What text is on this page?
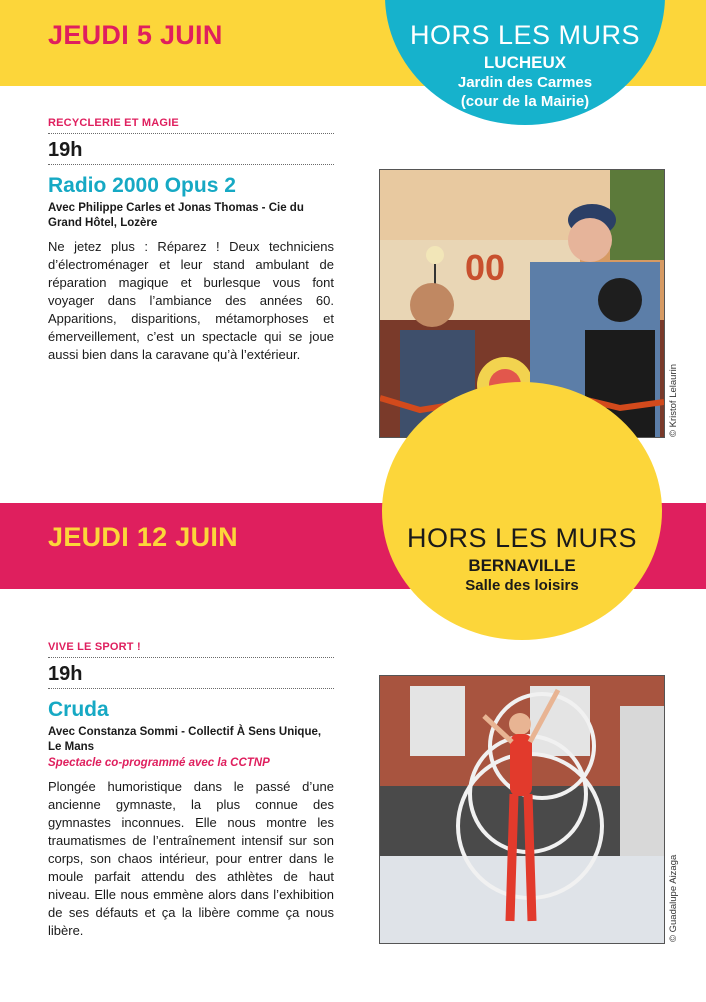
JEUDI 5 JUIN	HORS LES MURS
LUCHEUX
Jardin des Carmes
(cour de la Mairie)
RECYCLERIE ET MAGIE
19h
Radio 2000 Opus 2
Avec Philippe Carles et Jonas Thomas - Cie du Grand Hôtel, Lozère
Ne jetez plus : Réparez ! Deux techniciens d’électroménager et leur stand ambulant de réparation magique et burlesque vous font voyager dans l’ambiance des années 60. Apparitions, disparitions, métamorphoses et émerveillement, c’est un spectacle qui se joue aussi bien dans la caravane qu’à l’extérieur.
00
© Kristof Lelaurin
JEUDI 12 JUIN	HORS LES MURS
BERNAVILLE
Salle des loisirs
VIVE LE SPORT !
19h
Cruda
Avec Constanza Sommi - Collectif À Sens Unique, Le Mans
Spectacle co-programmé avec la CCTNP
Plongée humoristique dans le passé d’une ancienne gymnaste, la plus connue des gymnastes inconnues. Elle nous montre les traumatismes de l’entraînement intensif sur son corps, son chaos intérieur, pour entrer dans le moule parfait attendu des athlètes de haut niveau. Elle nous emmène alors dans l’exhibition de ses défauts et ça la libère comme ça nous libère.	© Guadalupe Aizaga
